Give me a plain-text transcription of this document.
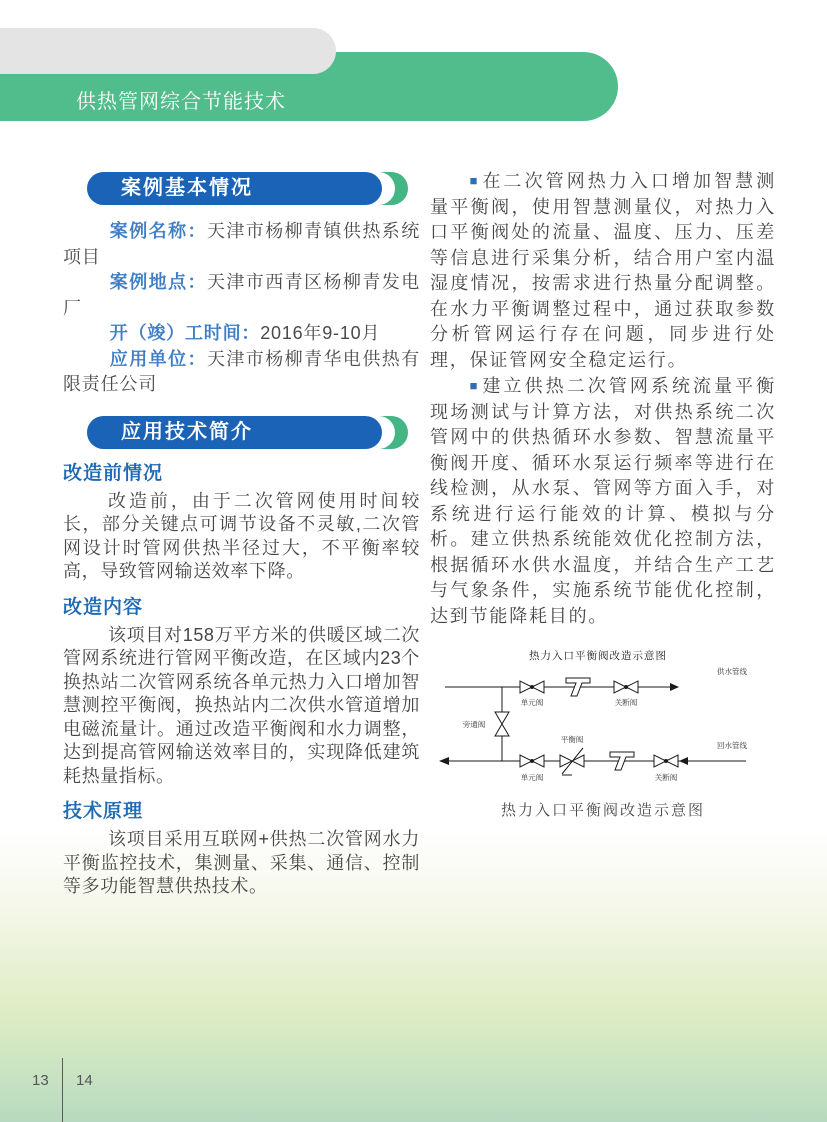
供热管网综合节能技术
案例基本情况

案例名称：天津市杨柳青镇供热系统项目

案例地点：天津市西青区杨柳青发电厂

开（竣）工时间：2016年9-10月

应用单位：天津市杨柳青华电供热有限责任公司

应用技术简介
改造前情况

改造前，由于二次管网使用时间较长，部分关键点可调节设备不灵敏,二次管网设计时管网供热半径过大，不平衡率较高，导致管网输送效率下降。

改造内容

该项目对158万平方米的供暖区域二次管网系统进行管网平衡改造，在区域内23个换热站二次管网系统各单元热力入口增加智慧测控平衡阀，换热站内二次供水管道增加电磁流量计。通过改造平衡阀和水力调整，达到提高管网输送效率目的，实现降低建筑耗热量指标。

技术原理

该项目采用互联网+供热二次管网水力平衡监控技术，集测量、采集、通信、控制等多功能智慧供热技术。

■ 在二次管网热力入口增加智慧测量平衡阀，使用智慧测量仪，对热力入口平衡阀处的流量、温度、压力、压差等信息进行采集分析，结合用户室内温湿度情况，按需求进行热量分配调整。在水力平衡调整过程中，通过获取参数分析管网运行存在问题，同步进行处理，保证管网安全稳定运行。

■ 建立供热二次管网系统流量平衡现场测试与计算方法，对供热系统二次管网中的供热循环水参数、智慧流量平衡阀开度、循环水泵运行频率等进行在线检测，从水泵、管网等方面入手，对系统进行运行能效的计算、模拟与分析。建立供热系统能效优化控制方法，根据循环水供水温度，并结合生产工艺与气象条件，实施系统节能优化控制，达到节能降耗目的。

热力入口平衡阀改造示意图
供水管线
旁通阀
单元阀	关断阀
回水管线
单元阀
平衡阀
关断阀
热力入口平衡阀改造示意图
13 14
